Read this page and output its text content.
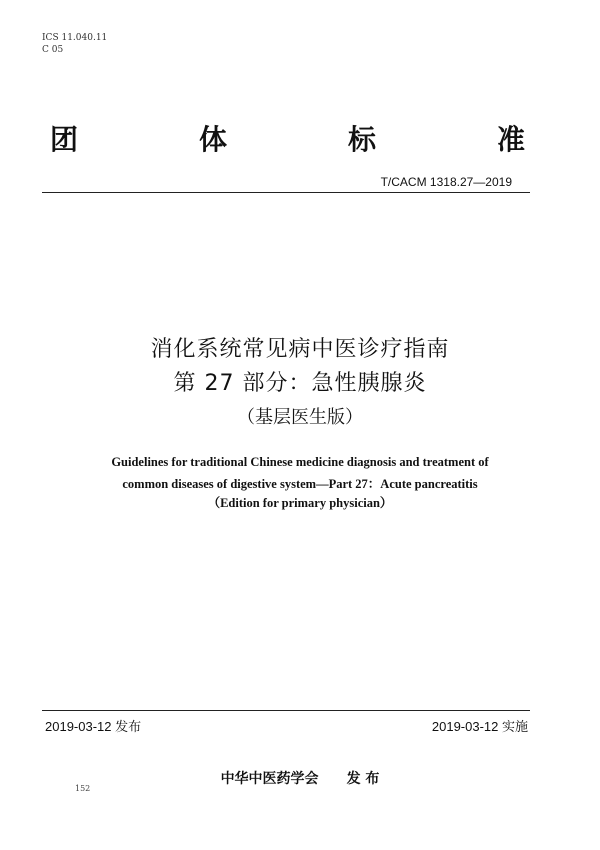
ICS 11.040.11
C 05
团	体	标	准
T/CACM 1318.27—2019
消化系统常见病中医诊疗指南
第 27 部分：急性胰腺炎
（基层医生版）
Guidelines for traditional Chinese medicine diagnosis and treatment of
common diseases of digestive system—Part 27：Acute pancreatitis
（Edition for primary physician）
2019-03-12 发布	2019-03-12 实施
中华中医药学会 发 布
152
